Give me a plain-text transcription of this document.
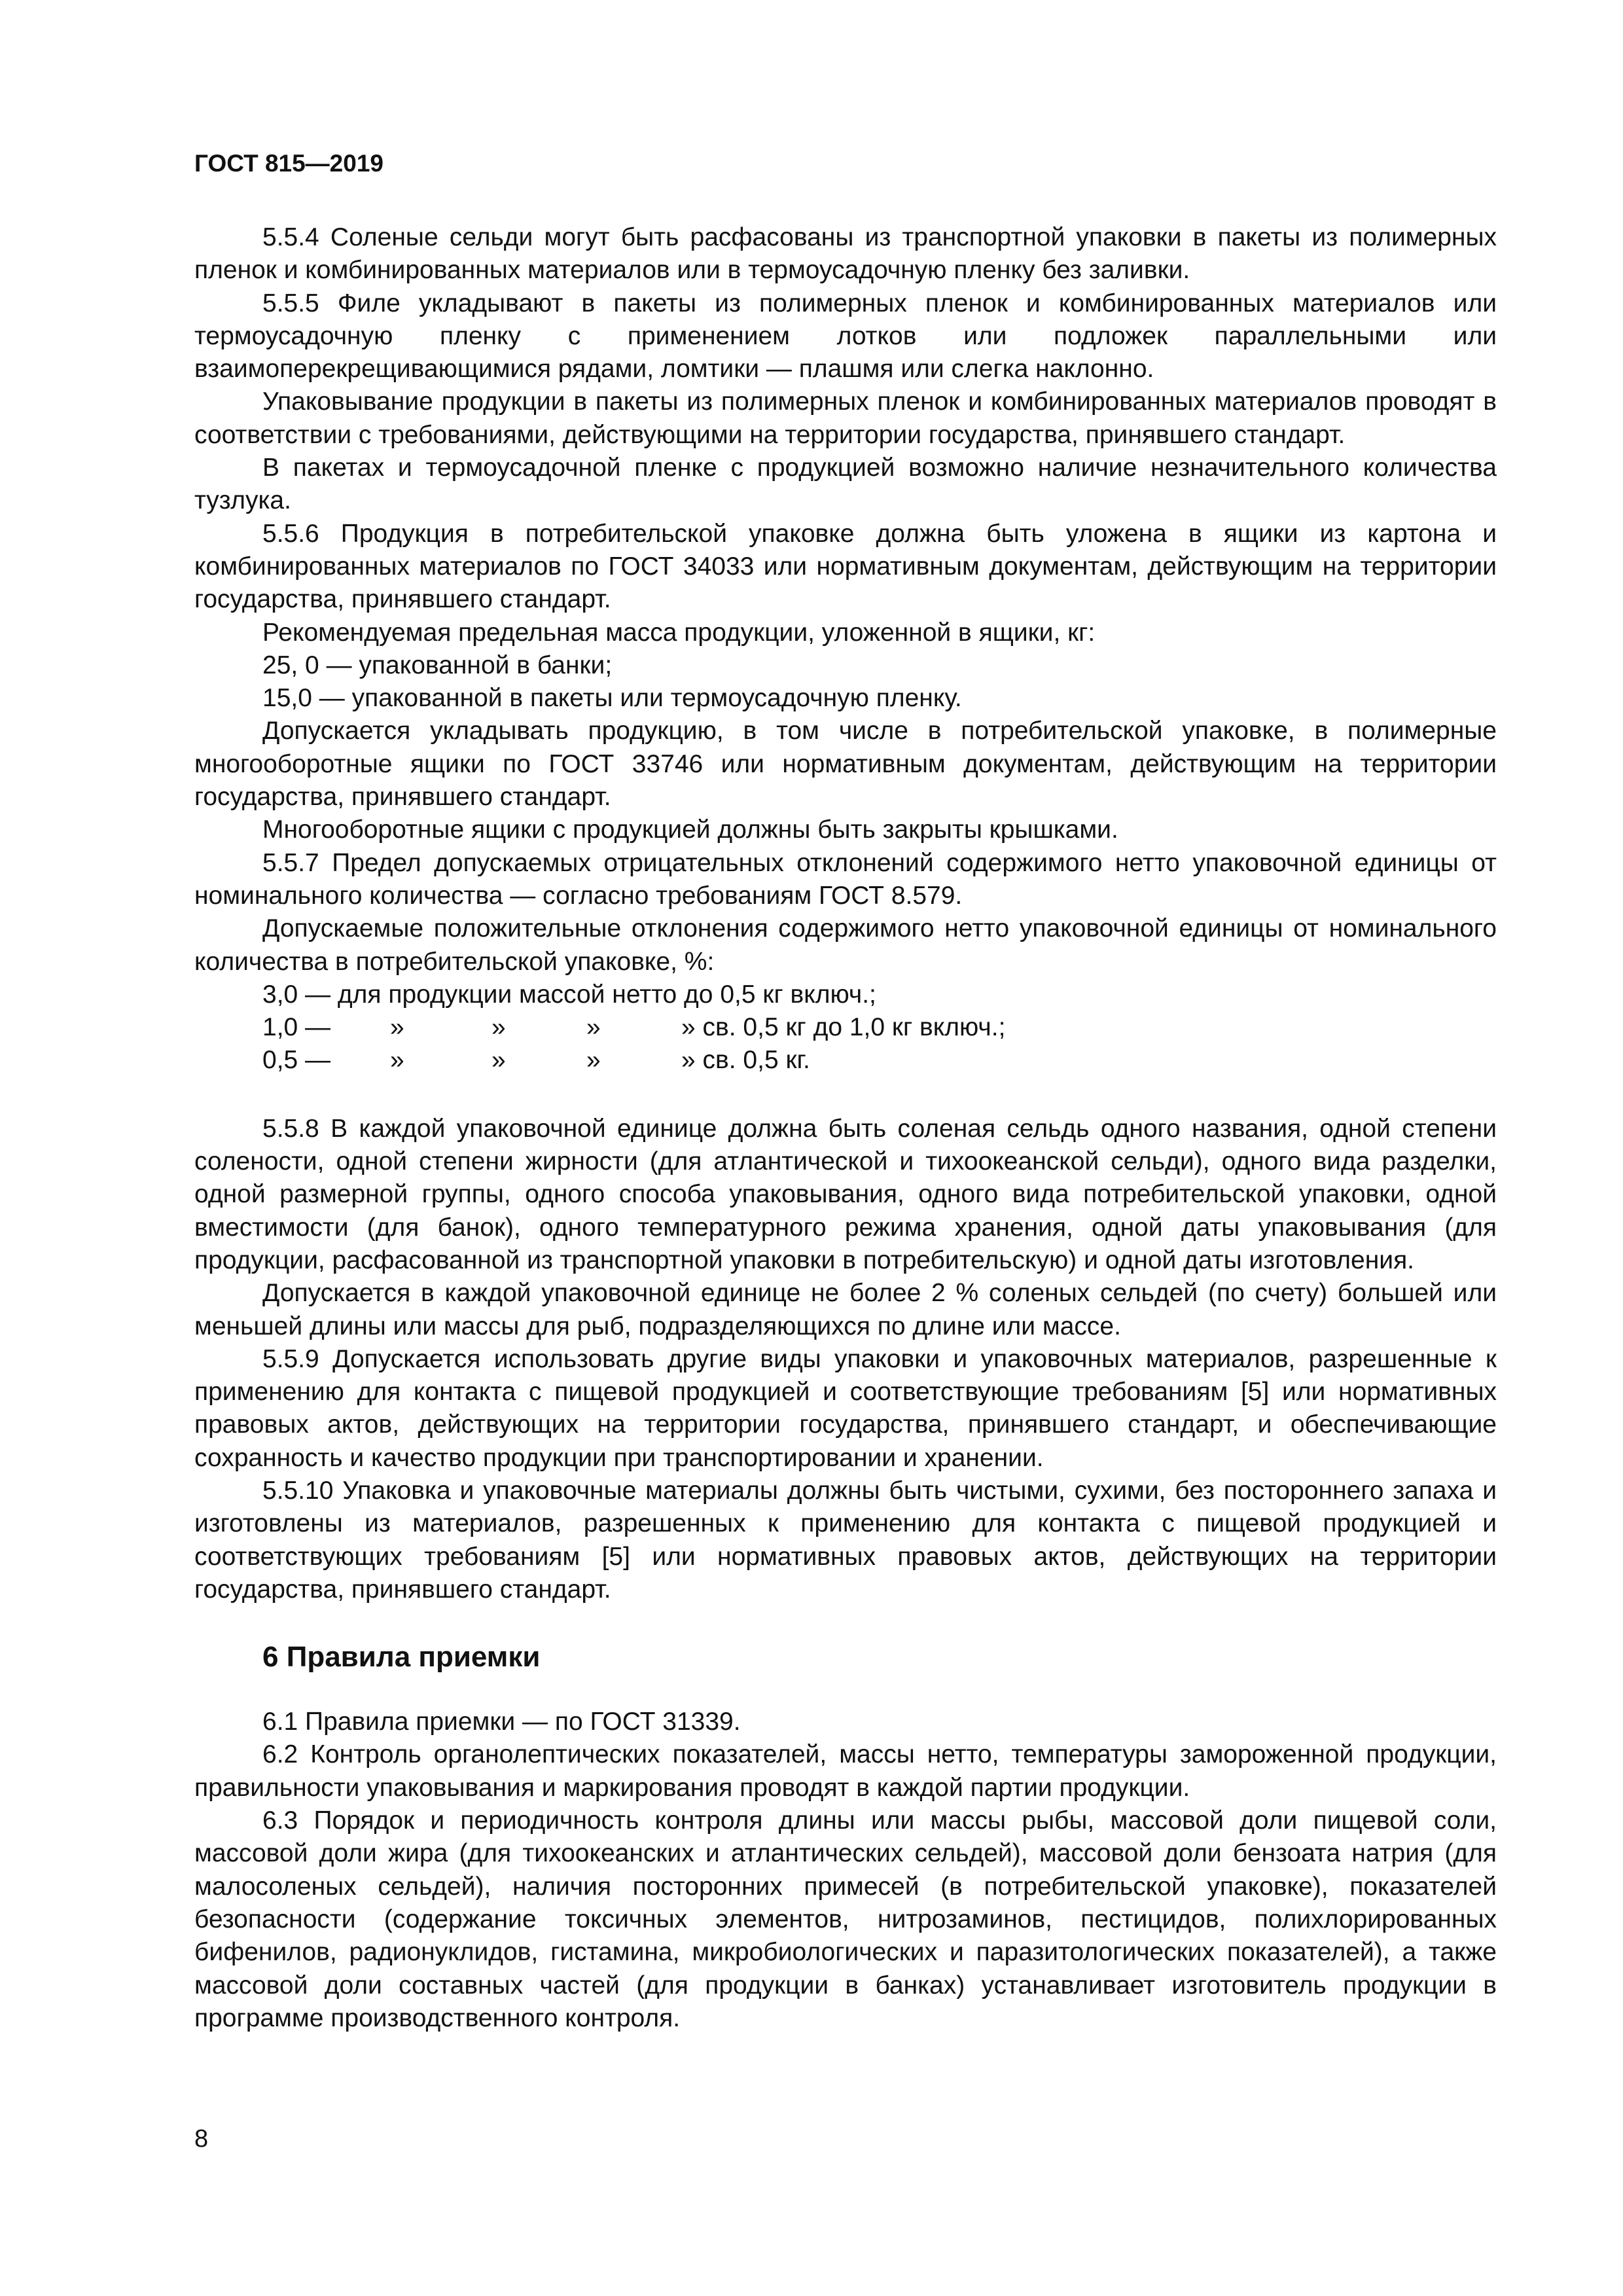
ГОСТ 815—2019

5.5.4 Соленые сельди могут быть расфасованы из транспортной упаковки в пакеты из полимерных пленок и комбинированных материалов или в термоусадочную пленку без заливки.

5.5.5 Филе укладывают в пакеты из полимерных пленок и комбинированных материалов или термоусадочную пленку с применением лотков или подложек параллельными или взаимоперекрещивающимися рядами, ломтики — плашмя или слегка наклонно.

Упаковывание продукции в пакеты из полимерных пленок и комбинированных материалов проводят в соответствии с требованиями, действующими на территории государства, принявшего стандарт.

В пакетах и термоусадочной пленке с продукцией возможно наличие незначительного количества тузлука.

5.5.6 Продукция в потребительской упаковке должна быть уложена в ящики из картона и комбинированных материалов по ГОСТ 34033 или нормативным документам, действующим на территории государства, принявшего стандарт.

Рекомендуемая предельная масса продукции, уложенной в ящики, кг:

25, 0 — упакованной в банки;

15,0 — упакованной в пакеты или термоусадочную пленку.

Допускается укладывать продукцию, в том числе в потребительской упаковке, в полимерные многооборотные ящики по ГОСТ 33746 или нормативным документам, действующим на территории государства, принявшего стандарт.

Многооборотные ящики с продукцией должны быть закрыты крышками.

5.5.7 Предел допускаемых отрицательных отклонений содержимого нетто упаковочной единицы от номинального количества — согласно требованиям ГОСТ 8.579.

Допускаемые положительные отклонения содержимого нетто упаковочной единицы от номинального количества в потребительской упаковке, %:

3,0 — для продукции массой нетто до 0,5 кг включ.;

1,0 —	»	»	»	» св. 0,5 кг до 1,0 кг включ.;
0,5 —	»	»	»	» св. 0,5 кг.

5.5.8 В каждой упаковочной единице должна быть соленая сельдь одного названия, одной степени солености, одной степени жирности (для атлантической и тихоокеанской сельди), одного вида разделки, одной размерной группы, одного способа упаковывания, одного вида потребительской упаковки, одной вместимости (для банок), одного температурного режима хранения, одной даты упаковывания (для продукции, расфасованной из транспортной упаковки в потребительскую) и одной даты изготовления.

Допускается в каждой упаковочной единице не более 2 % соленых сельдей (по счету) большей или меньшей длины или массы для рыб, подразделяющихся по длине или массе.

5.5.9 Допускается использовать другие виды упаковки и упаковочных материалов, разрешенные к применению для контакта с пищевой продукцией и соответствующие требованиям [5] или нормативных правовых актов, действующих на территории государства, принявшего стандарт, и обеспечивающие сохранность и качество продукции при транспортировании и хранении.

5.5.10 Упаковка и упаковочные материалы должны быть чистыми, сухими, без постороннего запаха и изготовлены из материалов, разрешенных к применению для контакта с пищевой продукцией и соответствующих требованиям [5] или нормативных правовых актов, действующих на территории государства, принявшего стандарт.

6 Правила приемки

6.1 Правила приемки — по ГОСТ 31339.

6.2 Контроль органолептических показателей, массы нетто, температуры замороженной продукции, правильности упаковывания и маркирования проводят в каждой партии продукции.

6.3 Порядок и периодичность контроля длины или массы рыбы, массовой доли пищевой соли, массовой доли жира (для тихоокеанских и атлантических сельдей), массовой доли бензоата натрия (для малосоленых сельдей), наличия посторонних примесей (в потребительской упаковке), показателей безопасности (содержание токсичных элементов, нитрозаминов, пестицидов, полихлорированных бифенилов, радионуклидов, гистамина, микробиологических и паразитологических показателей), а также массовой доли составных частей (для продукции в банках) устанавливает изготовитель продукции в программе производственного контроля.

8
